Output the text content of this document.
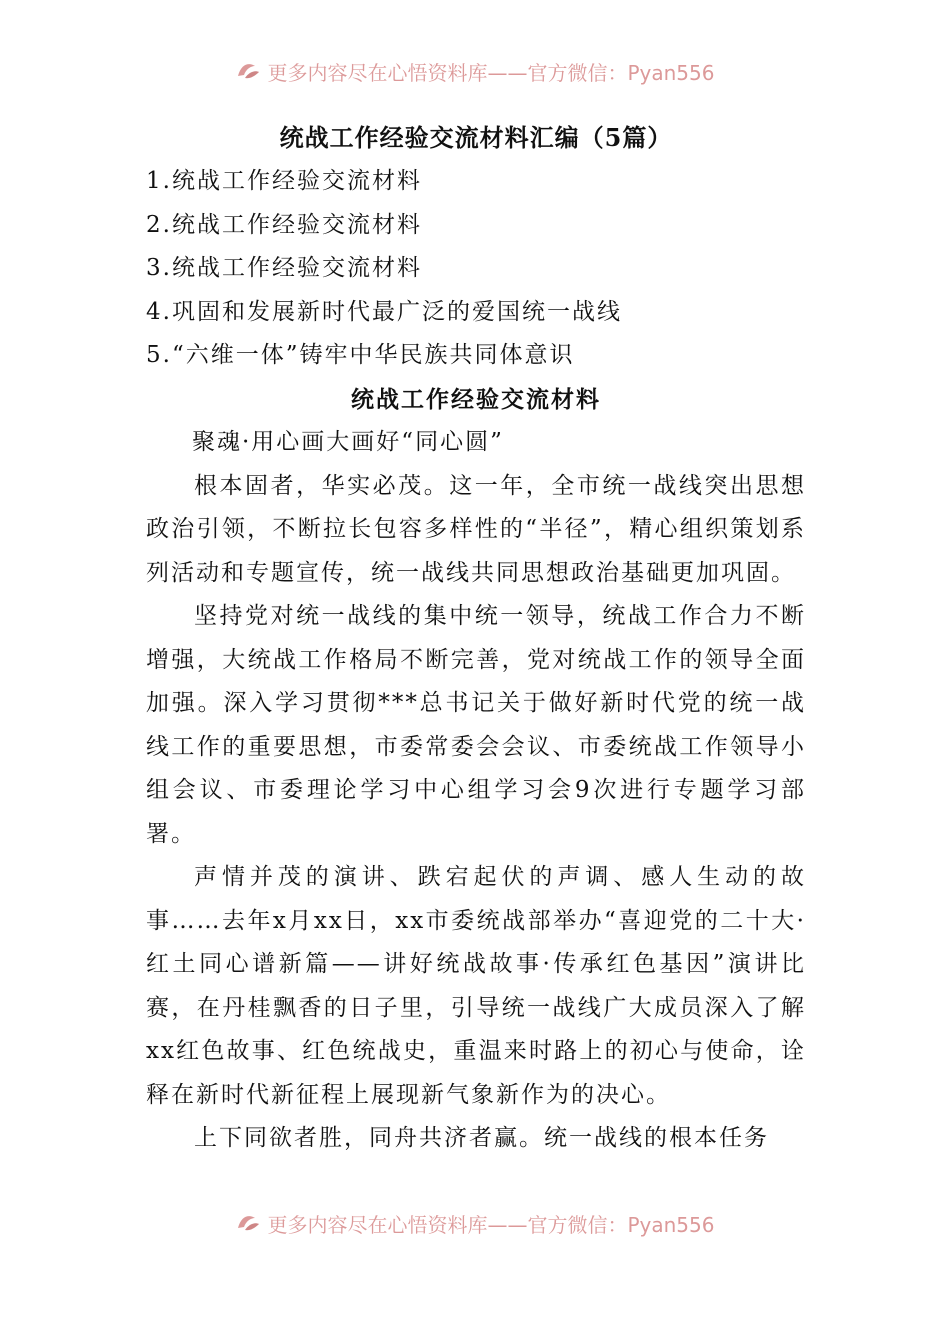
更多内容尽在心悟资料库——官方微信：Pyan556
统战工作经验交流材料汇编（5篇）
1.统战工作经验交流材料
2.统战工作经验交流材料
3.统战工作经验交流材料
4.巩固和发展新时代最广泛的爱国统一战线
5.“六维一体”铸牢中华民族共同体意识
统战工作经验交流材料

聚魂·用心画大画好“同心圆”

根本固者，华实必茂。这一年，全市统一战线突出思想政治引领，不断拉长包容多样性的“半径”，精心组织策划系列活动和专题宣传，统一战线共同思想政治基础更加巩固。

坚持党对统一战线的集中统一领导，统战工作合力不断增强，大统战工作格局不断完善，党对统战工作的领导全面加强。深入学习贯彻***总书记关于做好新时代党的统一战线工作的重要思想，市委常委会会议、市委统战工作领导小组会议、市委理论学习中心组学习会9次进行专题学习部署。

声情并茂的演讲、跌宕起伏的声调、感人生动的故事……去年x月xx日，xx市委统战部举办“喜迎党的二十大·红土同心谱新篇——讲好统战故事·传承红色基因”演讲比赛，在丹桂飘香的日子里，引导统一战线广大成员深入了解xx红色故事、红色统战史，重温来时路上的初心与使命，诠释在新时代新征程上展现新气象新作为的决心。

上下同欲者胜，同舟共济者赢。统一战线的根本任务

更多内容尽在心悟资料库——官方微信：Pyan556
